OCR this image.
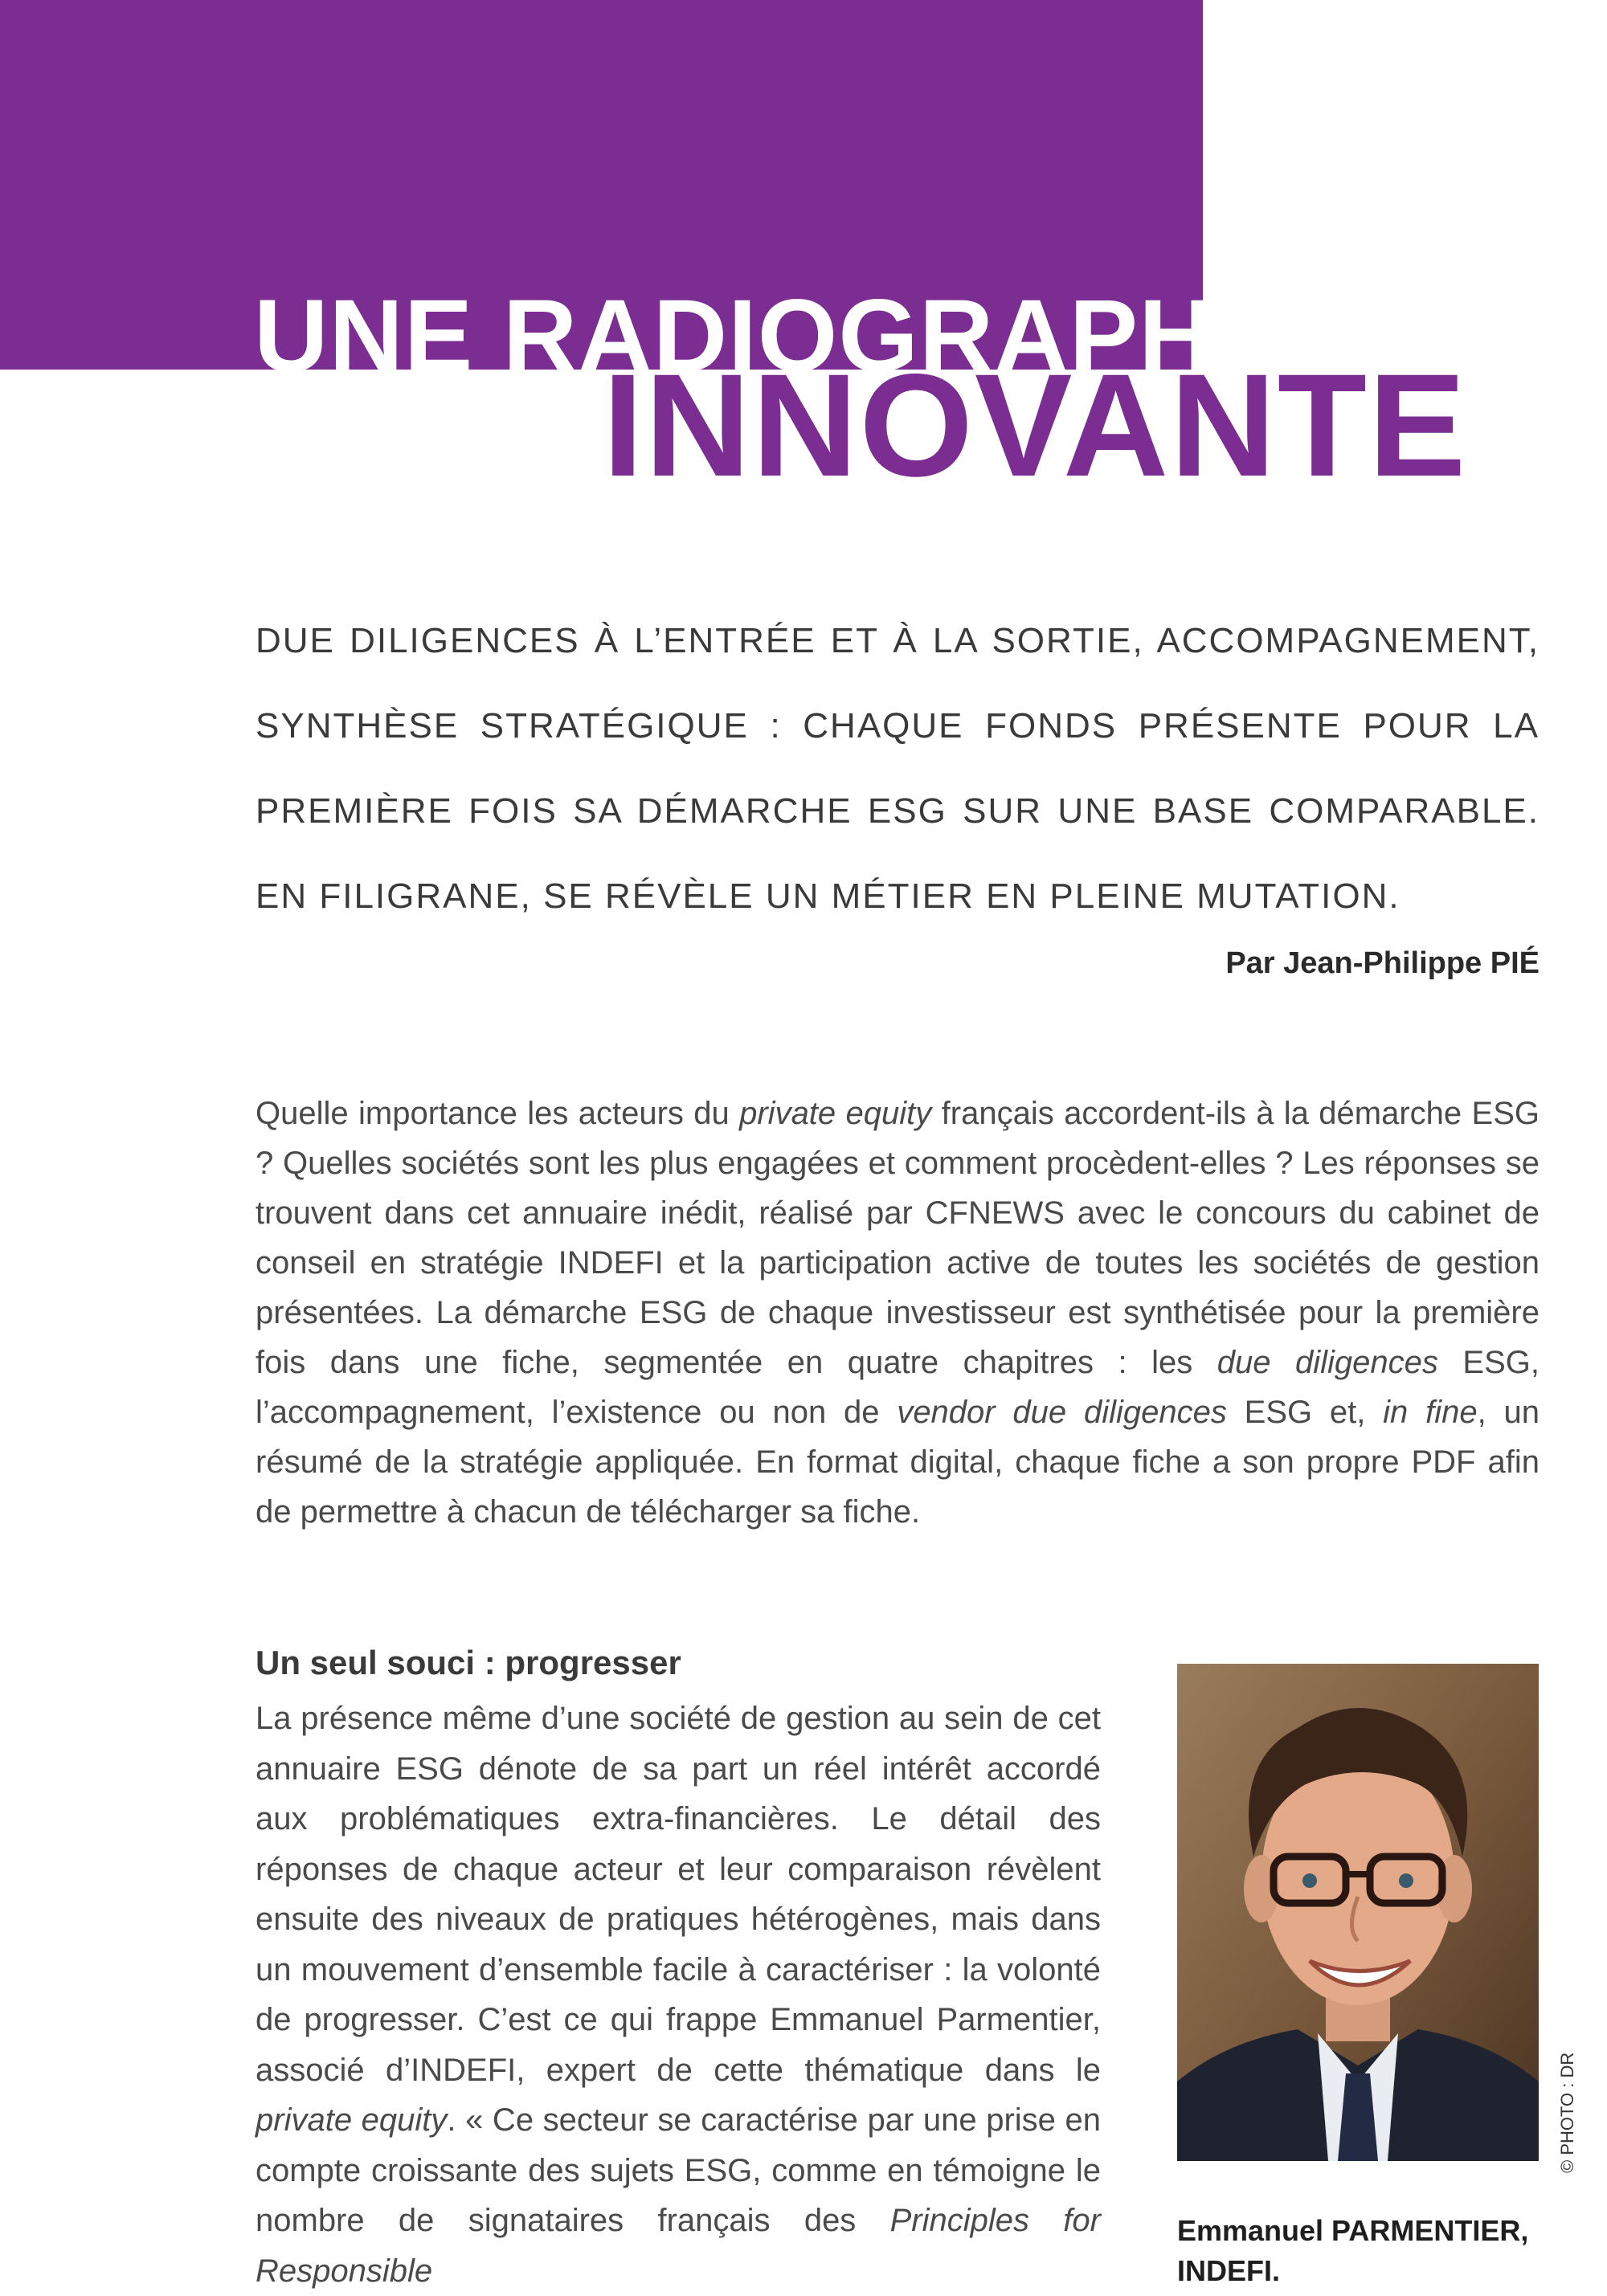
UNE RADIOGRAPHIE
INNOVANTE

DUE DILIGENCES À L’ENTRÉE ET À LA SORTIE, ACCOMPAGNEMENT, SYNTHÈSE STRATÉGIQUE : CHAQUE FONDS PRÉSENTE POUR LA PREMIÈRE FOIS SA DÉMARCHE ESG SUR UNE BASE COMPARABLE. EN FILIGRANE, SE RÉVÈLE UN MÉTIER EN PLEINE MUTATION.

Par Jean-Philippe PIÉ

Quelle importance les acteurs du private equity français accordent-ils à la démarche ESG ? Quelles sociétés sont les plus engagées et comment procèdent-elles ? Les réponses se trouvent dans cet annuaire inédit, réalisé par CFNEWS avec le concours du cabinet de conseil en stratégie INDEFI et la participation active de toutes les sociétés de gestion présentées. La démarche ESG de chaque investisseur est synthétisée pour la première fois dans une fiche, segmentée en quatre chapitres : les due diligences ESG, l’accompagnement, l’existence ou non de vendor due diligences ESG et, in fine, un résumé de la stratégie appliquée. En format digital, chaque fiche a son propre PDF afin de permettre à chacun de télécharger sa fiche.

Un seul souci : progresser

La présence même d’une société de gestion au sein de cet annuaire ESG dénote de sa part un réel intérêt accordé aux problématiques extra-financières. Le détail des réponses de chaque acteur et leur comparaison révèlent ensuite des niveaux de pratiques hétérogènes, mais dans un mouvement d’ensemble facile à caractériser : la volonté de progresser. C’est ce qui frappe Emmanuel Parmentier, associé d’INDEFI, expert de cette thématique dans le private equity. « Ce secteur se caractérise par une prise en compte croissante des sujets ESG, comme en témoigne le nombre de signataires français des Principles for Responsible

© PHOTO : DR

Emmanuel PARMENTIER,
INDEFI.
